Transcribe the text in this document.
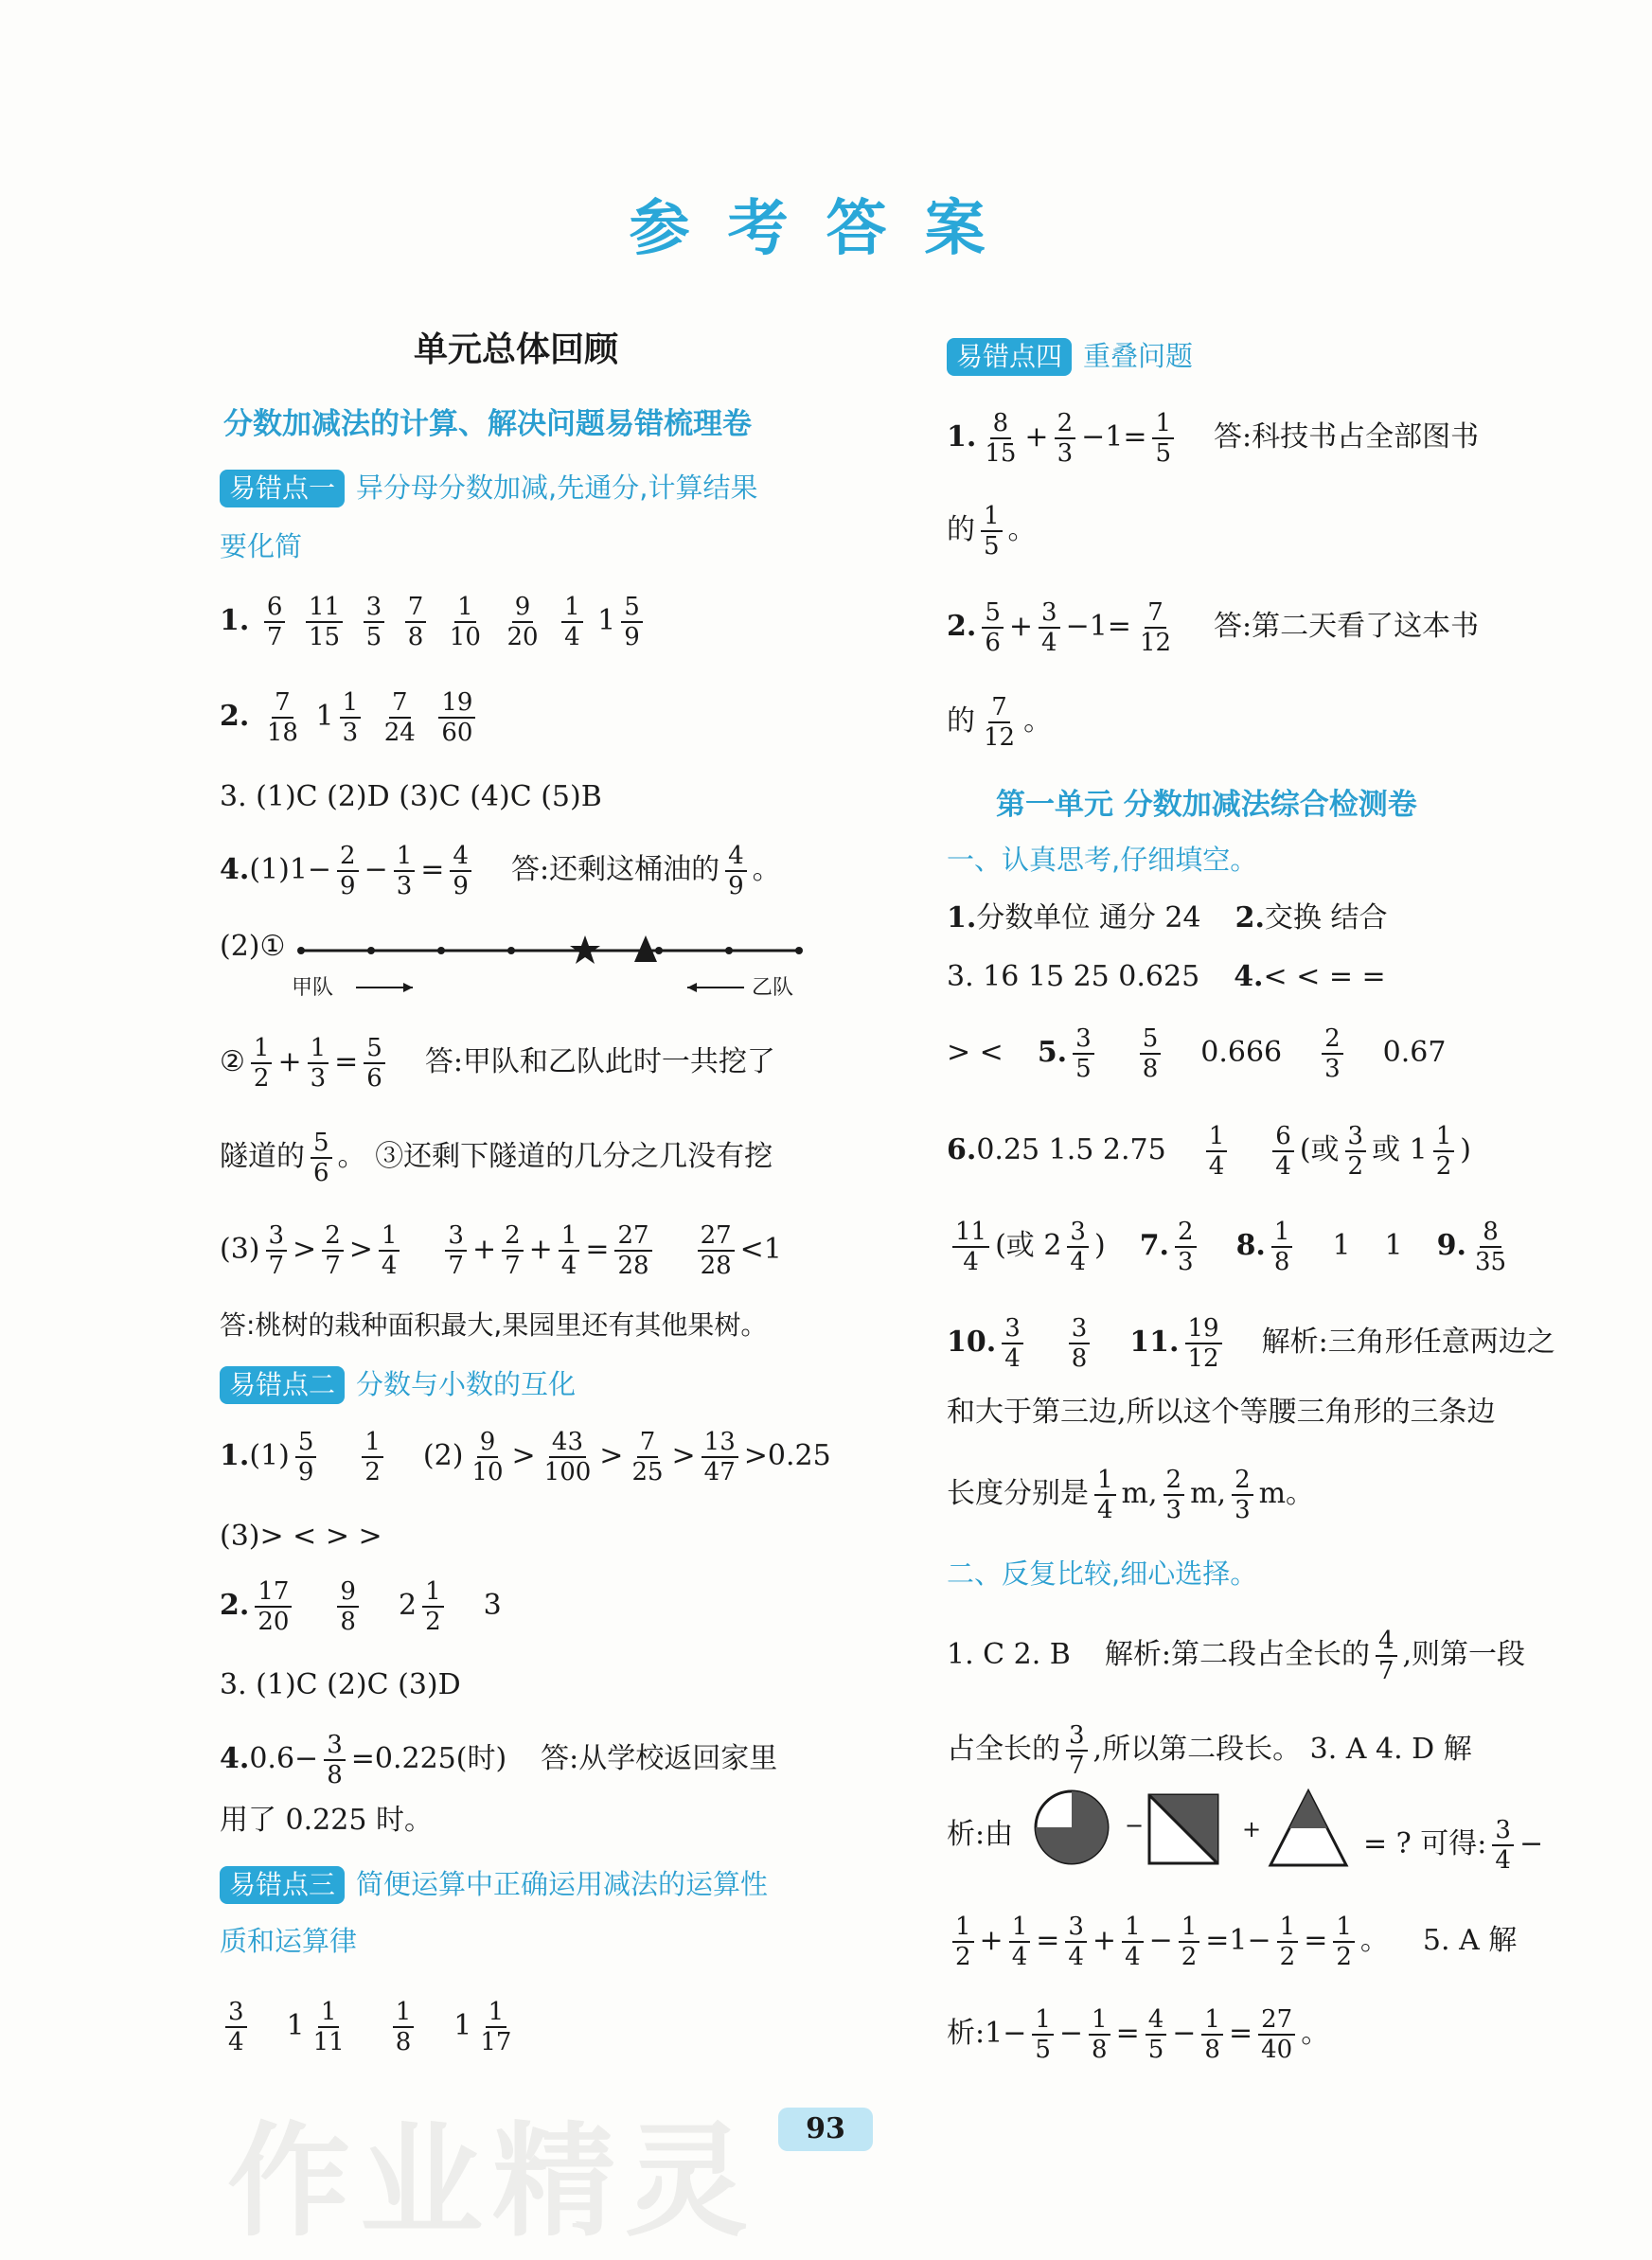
参考答案
单元总体回顾
分数加减法的计算、解决问题易错梳理卷
易错点一 异分母分数加减,先通分,计算结果
要化简
1. $\frac{6}{7}$
$\frac{11}{15}$
$\frac{3}{5}$
$\frac{7}{8}$
$\frac{1}{10}$
$\frac{9}{20}$
$\frac{1}{4} 1 \frac{5}{9}$
2. $\frac{7}{18} 1 \frac{1}{3}$
$\frac{7}{24}$
$\frac{19}{60}$
3. (1)C (2)D (3)C (4)C (5)B
$4.(1)1- \frac{2}{9} - \frac{1}{3} = \frac{4}{9}$ 答:还剩这桶油的 $\frac{4}{9}$ 。
(2)①
甲队	乙队
② $\frac{1}{2} + \frac{1}{3} = \frac{5}{6}$ 答:甲队和乙队此时一共挖了
隧道的 $\frac{5}{6}$ 。 ③还剩下隧道的几分之几没有挖
$(3) \frac{3}{7} > \frac{2}{7} > \frac{1}{4} \frac{3}{7} + \frac{2}{7} + \frac{1}{4} = \frac{27}{28} \frac{27}{28} <1$
答:桃树的栽种面积最大,果园里还有其他果树。
易错点二 分数与小数的互化
$1.(1) \frac{5}{9} \frac{1}{2} (2) \frac{9}{10} > \frac{43}{100} > \frac{7}{25} > \frac{13}{47} >0.25$
(3)> < > >
2. $\frac{17}{20} \frac{9}{8} 2 \frac{1}{2} 3$
3. (1)C (2)C (3)D
$4.0.6- \frac{3}{8} =0.225$(时) 答:从学校返回家里
用了 0.225 时。
易错点三 简便运算中正确运用减法的运算性
质和运算律
$\frac{3}{4} 1 \frac{1}{11} \frac{1}{8} 1 \frac{1}{17}$
易错点四 重叠问题
1. $\frac{8}{15} + \frac{2}{3} -1= \frac{1}{5}$ 答:科技书占全部图书
的 $\frac{1}{5}$ 。
2. $\frac{5}{6} + \frac{3}{4} -1= \frac{7}{12}$ 答:第二天看了这本书
的 $\frac{7}{12}$ 。
第一单元 分数加减法综合检测卷
一、认真思考,仔细填空。
1.分数单位 通分 24 2.交换 结合
3. 16 15 25 0.625 4.< < = =
> < 5. $\frac{3}{5} \frac{5}{8} 0.666 \frac{2}{3} 0.67$
6.0.25 1.5 $2.75 \frac{1}{4} \frac{6}{4}$ (或 $\frac{3}{2}$ 或 $1 \frac{1}{2}$ )
$\frac{11}{4}$ (或 $2 \frac{3}{4}$ ) 7. $\frac{2}{3} 8$. $\frac{1}{8} 1$ 1 9. $\frac{8}{35}$
10. $\frac{3}{4} \frac{3}{8} 11$. $\frac{19}{12}$ 解析:三角形任意两边之
和大于第三边,所以这个等腰三角形的三条边
长度分别是 $\frac{1}{4} m$, $\frac{2}{3} m$, $\frac{2}{3}$ m。
二、反复比较,细心选择。
1. C 2. B 解析:第二段占全长的 $\frac{4}{7}$ ,则第一段
占全长的 $\frac{3}{7}$ ,所以第二段长。 3. A 4. D 解
析:由	−	+	= ? 可得: $\frac{3}{4}$ −
$\frac{1}{2} + \frac{1}{4} = \frac{3}{4} + \frac{1}{4} - \frac{1}{2} =1- \frac{1}{2} = \frac{1}{2}$ 。 5. A 解
析:1− $\frac{1}{5} - \frac{1}{8} = \frac{4}{5} - \frac{1}{8} = \frac{27}{40}$ 。
作业精灵	93
